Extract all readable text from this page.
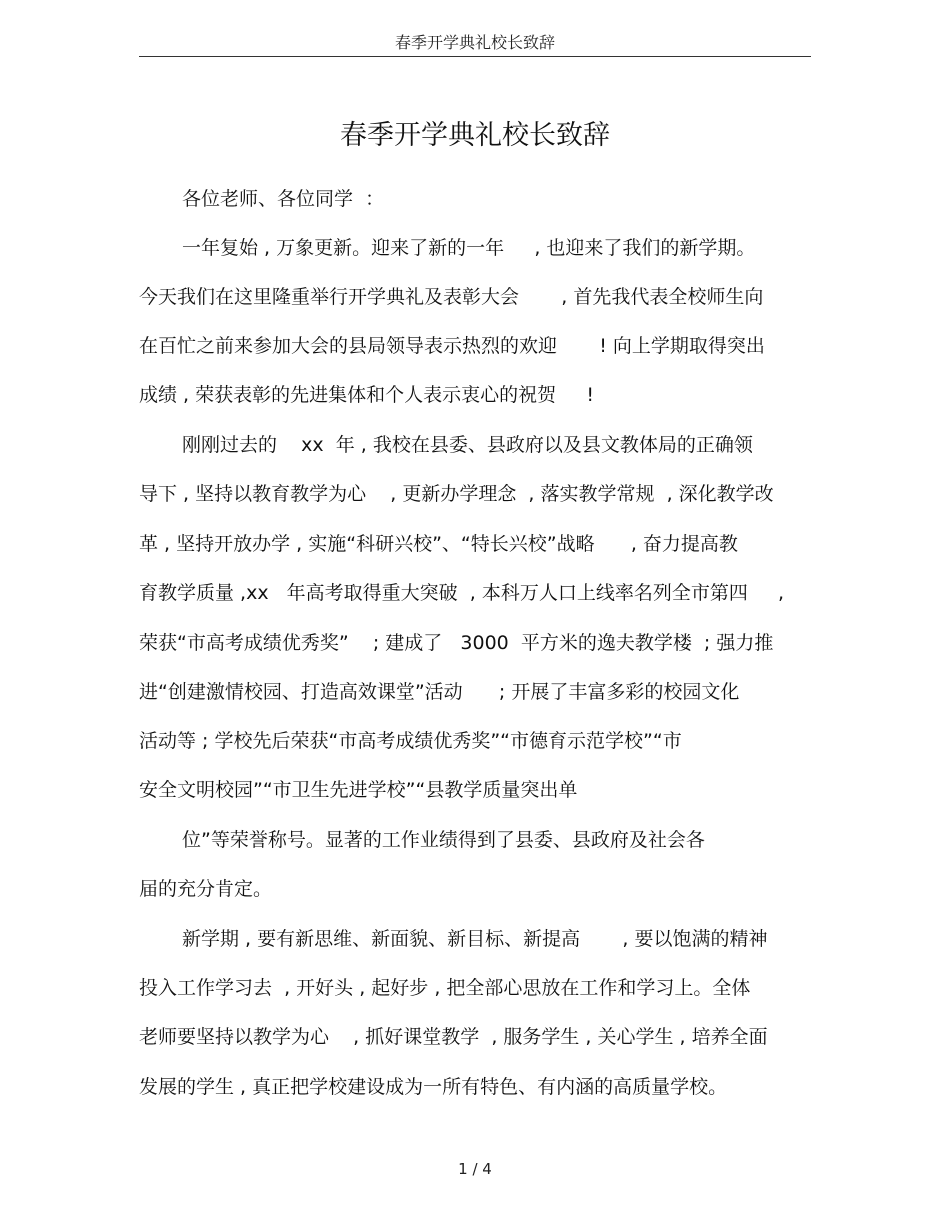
春季开学典礼校长致辞
春季开学典礼校长致辞
各位老师、各位同学  ：
一年复始 , 万象更新。迎来了新的一年     , 也迎来了我们的新学期。
今天我们在这里隆重举行开学典礼及表彰大会       , 首先我代表全校师生向
在百忙之前来参加大会的县局领导表示热烈的欢迎       ! 向上学期取得突出
成绩 , 荣获表彰的先进集体和个人表示衷心的祝贺     !
刚刚过去的    xx  年 , 我校在县委、县政府以及县文教体局的正确领
导下 , 坚持以教育教学为心    , 更新办学理念  , 落实教学常规  , 深化教学改
革 , 坚持开放办学 , 实施“科研兴校”、“特长兴校”战略      , 奋力提高教
育教学质量 ,xx   年高考取得重大突破  , 本科万人口上线率名列全市第四     ,
荣获“市高考成绩优秀奖”    ; 建成了   3000  平方米的逸夫教学楼  ; 强力推
进“创建激情校园、打造高效课堂”活动      ; 开展了丰富多彩的校园文化
活动等 ; 学校先后荣获“市高考成绩优秀奖”“市德育示范学校”“市
安全文明校园”“市卫生先进学校”“县教学质量突出单
位”等荣誉称号。显著的工作业绩得到了县委、县政府及社会各
届的充分肯定。
新学期 , 要有新思维、新面貌、新目标、新提高       , 要以饱满的精神
投入工作学习去  , 开好头 , 起好步 , 把全部心思放在工作和学习上。全体
老师要坚持以教学为心    , 抓好课堂教学  , 服务学生 , 关心学生 , 培养全面
发展的学生 , 真正把学校建设成为一所有特色、有内涵的高质量学校。
1 / 4
